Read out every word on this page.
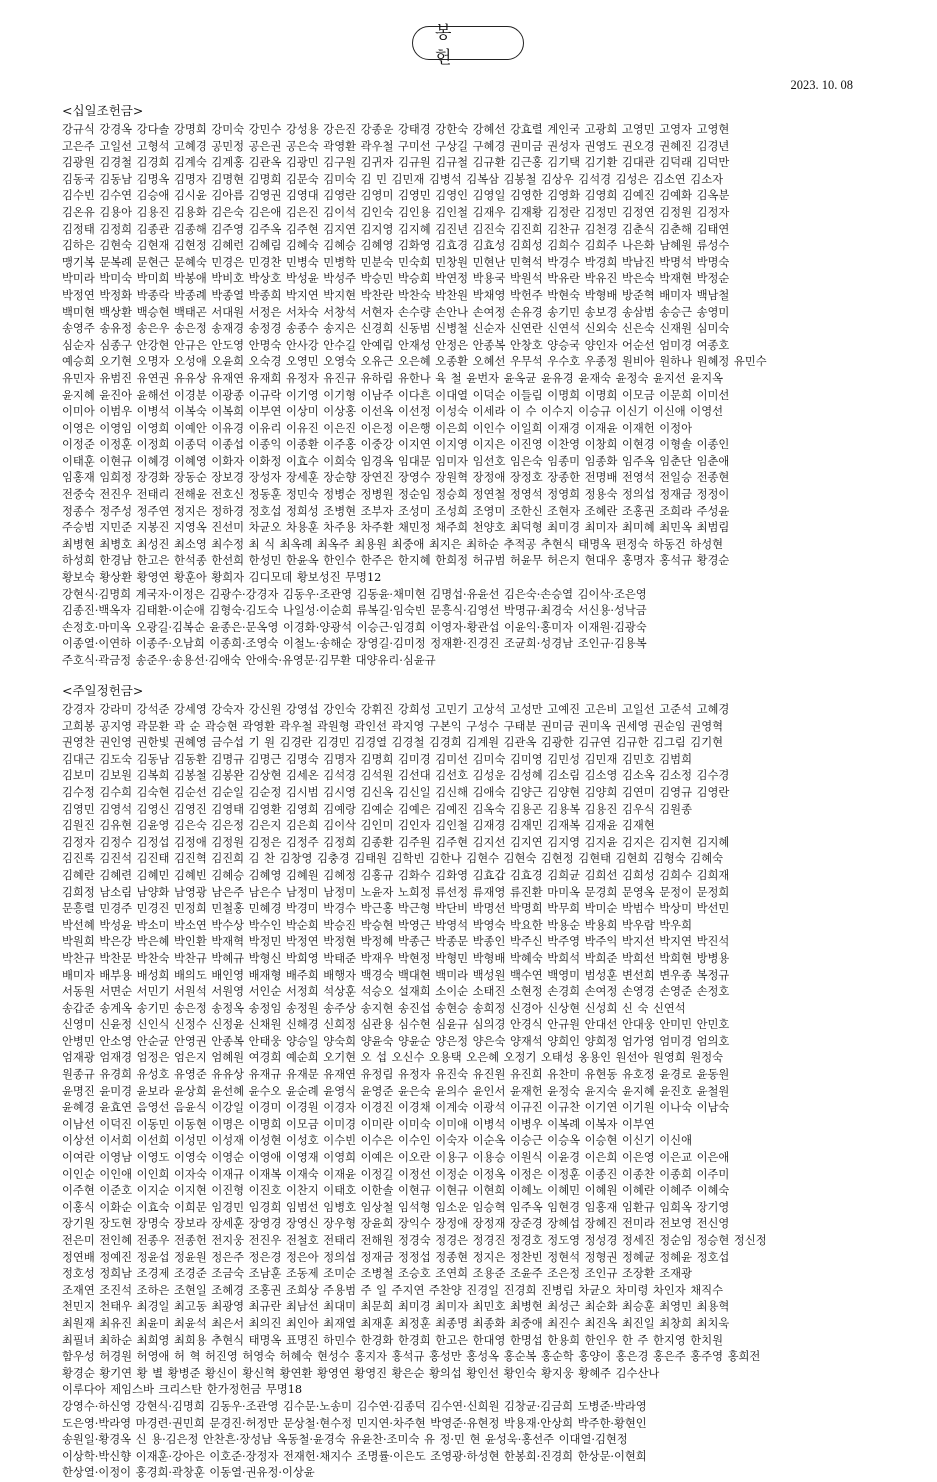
봉 헌
2023. 10. 08
<십일조헌금>

강규식 강경옥 강다솔 강명희 강미숙 강민수 강성용 강은진 강종운 강태경 강한숙 강혜선 강효렬 계인국 고광희 고영민 고영자 고영현

고은주 고일선 고형석 고혜경 공민정 공은권 공은숙 곽영환 곽우철 구미선 구상길 구혜경 권미금 권성자 권영도 권오경 권혜진 김경년

김광원 김경철 김경희 김계숙 김계홍 김관옥 김광민 김구원 김귀자 김규원 김규철 김규환 김근홍 김기택 김기환 김대관 김덕래 김덕만

김동국 김동남 김명옥 김명자 김명현 김명희 김문숙 김미숙 김 민 김민재 김병석 김복삼 김봉철 김상우 김석경 김성은 김소연 김소자

김수빈 김수연 김승애 김시윤 김아름 김영권 김영대 김영란 김영미 김영민 김영인 김영일 김영한 김영화 김영희 김예진 김예화 김옥분

김온유 김용아 김용진 김용화 김은숙 김은애 김은진 김이석 김인숙 김인용 김인철 김재우 김재황 김정란 김정민 김정연 김정원 김정자

김정태 김정희 김종관 김종해 김주영 김주옥 김주현 김지연 김지영 김지혜 김진년 김진숙 김진희 김찬규 김천경 김춘식 김춘해 김태연

김하은 김현숙 김현재 김현정 김혜런 김혜림 김혜숙 김혜승 김혜영 김화영 김효경 김효성 김희성 김희수 김희주 나은화 남혜원 류성수

맹기복 문복례 문현근 문혜숙 민경은 민경찬 민병숙 민병학 민분숙 민숙희 민창원 민현난 민혁석 박경수 박경희 박남진 박명석 박명숙

박미라 박미숙 박미희 박봉애 박비호 박상호 박성윤 박성주 박승민 박승희 박연정 박용국 박원석 박유란 박유진 박은숙 박재현 박정순

박정연 박정화 박종락 박종례 박종열 박종희 박지연 박지현 박찬란 박찬숙 박찬원 박채영 박헌주 박현숙 박형배 방준혁 배미자 백남철

백미현 백상환 백승현 백태곤 서대원 서정은 서차숙 서창석 서현자 손수량 손안나 손여정 손유경 송기민 송보경 송삼범 송승근 송영미

송영주 송유정 송은우 송은정 송재경 송정경 송종수 송지은 신경희 신동범 신병철 신순자 신연란 신연석 신외숙 신은숙 신재원 심미숙

심순자 심종구 안강현 안규은 안도영 안명숙 안사강 안수길 안예림 안재성 안정은 안종복 안창호 양승국 양인자 어순선 엄미경 여종호

예승희 오기현 오명자 오성애 오윤희 오숙경 오영민 오영숙 오유근 오은혜 오종환 오혜선 우무석 우수호 우종정 원비아 원하나 원혜정 유민수

유민자 유범진 유연권 유유상 유재연 유재희 유정자 유진규 유하림 유한나 육 철 윤번자 윤옥균 윤유경 윤재숙 윤정숙 윤지선 윤지옥

윤지혜 윤진아 윤해선 이경분 이광종 이규락 이기영 이기형 이남주 이다흔 이대열 이덕순 이들림 이명희 이명희 이모금 이문희 이미선

이미아 이범우 이병석 이복숙 이복희 이부연 이상미 이상홍 이선옥 이선정 이성숙 이세라 이 수 이수지 이승규 이신기 이신애 이영선

이영은 이영임 이영희 이예안 이유경 이유리 이유진 이은진 이은정 이은행 이은희 이인수 이일희 이재경 이재윤 이재헌 이정아

이정준 이정훈 이정희 이종덕 이종섭 이종익 이종환 이주홍 이중강 이지연 이지영 이지은 이진영 이찬영 이창희 이현경 이형솔 이종인

이태훈 이현규 이혜경 이혜영 이화자 이화정 이효수 이희숙 임경옥 임대문 임미자 임선호 임은숙 임종미 임종화 임주옥 임춘단 임춘애

임홍재 임희정 장경화 장동순 장보경 장성자 장세훈 장순향 장연진 장영수 장원혁 장정애 장정호 장종한 전명배 전영석 전일승 전종현

전중숙 전진우 전태리 전해윤 전호신 정동훈 정민숙 정병순 정병원 정순임 정승희 정연철 정영석 정영희 정용숙 정의섭 정재금 정정이

정종수 정주성 정주연 정지은 정하경 정호섭 정희성 조병현 조부자 조성미 조성희 조영미 조한신 조현자 조혜란 조홍권 조희라 주성윤

주승범 지민준 지봉진 지영옥 진선미 차균오 차용훈 차주용 차주환 채민정 채주희 천양호 최덕형 최미경 최미자 최미혜 최민옥 최범림

최병현 최병호 최성진 최소영 최수정 최 식 최옥례 최옥주 최용원 최중애 최지은 최하순 추적공 추현식 태명옥 편정숙 하동건 하성현

하성희 한경남 한고은 한석종 한선희 한성민 한윤옥 한인수 한주은 한지혜 한희정 허규범 허윤무 허은지 현대우 홍명자 홍석규 황경순

황보숙 황상환 황영연 황훈아 황희자 김디모데 황보성진 무명12

강현식·김명희 계국자·이정은 김광수·강경자 김동우·조관영 김동윤·채미현 김명섭·유윤선 김은숙·손승열 김이삭·조은영

김종진·백옥자 김태환·이순애 김형숙·김도숙 나일성·이순희 류복길·임숙빈 문흥식·김영선 박명규·최경숙 서신용·성낙금

손정호·마미옥 오광길·김복순 윤종은·문옥영 이경화·양광석 이승근·임경희 이영자·황관섭 이윤익·홍미자 이재원·김광숙

이종열·이연하 이종주·오남희 이종희·조영숙 이철노·송해순 장영길·김미정 정재환·진경진 조균희·성경남 조인규·김용복

주호식·곽금정 송준우·송용선·김애숙 안애숙·유영문·김무환 대양유리·심윤규

<주일정헌금>

강경자 강라미 강석준 강세영 강숙자 강신원 강영섭 강인숙 강휘진 강희성 고민기 고상석 고성만 고예진 고은비 고일선 고준석 고혜경

고희봉 공지영 곽문환 곽 순 곽승현 곽영환 곽우철 곽원형 곽인선 곽지영 구본익 구성수 구태분 권미금 권미옥 권세영 권순임 권영혁

권영찬 권인영 권한빛 권혜영 금수섭 기 원 김경란 김경민 김경열 김경철 김경희 김계원 김관옥 김광한 김규연 김규한 김그림 김기현

김대근 김도숙 김동남 김동환 김명규 김명근 김명숙 김명자 김명희 김미경 김미선 김미숙 김미영 김민성 김민재 김민호 김범희

김보미 김보원 김복희 김봉철 김봉완 김상현 김세온 김석경 김석원 김선대 김선호 김성운 김성혜 김소림 김소영 김소옥 김소정 김수경

김수정 김수희 김숙현 김순선 김순일 김순정 김시범 김시영 김신옥 김신일 김신해 김애숙 김양근 김양현 김양희 김연미 김영규 김영란

김영민 김영석 김영신 김영진 김영태 김영환 김영희 김예랑 김예순 김예은 김예진 김옥숙 김용곤 김용복 김용진 김우식 김원종

김원진 김유현 김윤영 김은숙 김은정 김은지 김은희 김이삭 김인미 김인자 김인철 김재경 김재민 김재복 김재윤 김재현

김정자 김정수 김정섭 김정애 김정원 김정은 김정주 김정희 김종환 김주원 김주현 김지선 김지연 김지영 김지윤 김지은 김지현 김지혜

김진록 김진석 김진태 김진혁 김진희 김 찬 김창영 김충경 김태원 김학빈 김한나 김현수 김현숙 김현정 김현태 김현희 김형숙 김혜숙

김혜란 김혜련 김혜민 김혜빈 김혜승 김혜영 김혜원 김혜정 김홍규 김화수 김화영 김효갑 김효경 김희균 김희선 김희성 김희수 김희재

김희정 남소림 남양화 남영광 남은주 남은수 남정미 남정미 노윤자 노희정 류선정 류재영 류진환 마미옥 문경희 문영옥 문정이 문정희

문흥렬 민경주 민경진 민정희 민철홍 민혜경 박경미 박경수 박근홍 박근형 박단비 박명선 박명희 박무희 박미순 박범수 박상미 박선민

박선혜 박성윤 박소미 박소연 박수상 박수인 박순희 박승진 박승현 박영근 박영석 박영숙 박요한 박용순 박용희 박우람 박우희

박원희 박은강 박은혜 박인환 박재혁 박정민 박정연 박정현 박정혜 박종근 박종문 박종인 박주신 박주영 박주익 박지선 박지연 박진석

박찬규 박찬문 박찬숙 박찬규 박혜규 박형신 박희영 박태준 박재우 박현정 박형민 박형배 박혜숙 박희석 박희준 박희선 박희현 방병용

배미자 배부용 배성희 배의도 배인영 배재형 배주희 배행자 백경숙 백대현 백미라 백성원 백수연 백영미 범성훈 변선희 변우종 복정규

서동원 서면순 서민기 서원석 서원영 서인순 서정희 석상훈 석승오 설재희 소이순 소태진 소현정 손경희 손여정 손영경 손영준 손정호

송갑준 송계옥 송기민 송은정 송정옥 송정임 송정원 송주상 송지현 송진섭 송현승 송희정 신경아 신상현 신성희 신 숙 신연석

신영미 신윤정 신인식 신정수 신정윤 신채원 신해경 신희정 심관용 심수현 심윤규 심의경 안경식 안규원 안대선 안대웅 안미민 안민호

안병민 안소영 안순균 안영권 안종복 안태웅 양승일 양숙희 양윤숙 양윤순 양은정 양은숙 양재석 양희인 양희정 엄가영 엄미경 엄의호

엄재광 엄재경 엄정은 엄은지 엄혜원 여경희 예순희 오기현 오 섭 오신수 오용택 오은혜 오정기 오태성 옹용인 원선아 원영희 원정숙

원종규 유경희 유성호 유영준 유유상 유재규 유재문 유재연 유정림 유정자 유진숙 유진원 유진희 유찬미 유현동 유호정 윤경로 윤동원

윤명진 윤미경 윤보라 윤상희 윤선혜 윤수오 윤순례 윤영식 윤영준 윤은숙 윤의수 윤인서 윤재헌 윤정숙 윤지숙 윤지혜 윤진호 윤철원

윤혜경 윤효연 음영선 음윤식 이강일 이경미 이경원 이경자 이경진 이경채 이계숙 이광석 이규진 이규찬 이기연 이기원 이나숙 이남숙

이남선 이덕진 이동민 이동현 이명은 이명희 이모금 이미경 이미란 이미숙 이미애 이병석 이병우 이복례 이복자 이부연

이상선 이서희 이선희 이성민 이성재 이성현 이성호 이수빈 이수은 이수인 이숙자 이순옥 이승근 이승옥 이승현 이신기 이신애

이여란 이영남 이영도 이영숙 이영순 이영애 이영재 이영희 이예은 이오란 이용구 이용승 이원식 이윤경 이은희 이은영 이은교 이은애

이인순 이인애 이인희 이자숙 이재규 이재복 이재숙 이재윤 이정길 이정선 이정순 이정옥 이정은 이정훈 이종진 이종찬 이종희 이주미

이주현 이준호 이지순 이지현 이진형 이진호 이찬지 이태호 이한솔 이현규 이현규 이현희 이혜노 이혜민 이혜원 이혜란 이혜주 이혜숙

이홍식 이화순 이효숙 이희문 임경민 임경희 임범선 임병호 임상철 임석형 임소운 임승혁 임주옥 임현경 임홍재 임환규 임희옥 장기영

장기원 장도현 장명숙 장보라 장세훈 장영경 장영신 장우형 장윤희 장익수 장정애 장정재 장준경 장혜섭 장혜진 전미라 전보영 전신영

전은미 전인혜 전종우 전종헌 전지웅 전진우 전철호 전태리 전해원 정경숙 정경은 정경진 정경호 정도영 정성경 정세진 정순임 정승현 정신정

정연배 정예진 정윤섭 정윤원 정은주 정은경 정은아 정의섭 정재금 정정섭 정종현 정지은 정찬빈 정현석 정형권 정혜균 정혜윤 정호섭

정호성 정희남 조경제 조경준 조금숙 조남훈 조동제 조미순 조병철 조승호 조연희 조용준 조윤주 조은정 조인규 조장환 조재광

조재연 조진석 조하은 조현일 조혜경 조홍권 조희상 주용범 주 일 주지연 주찬양 진경일 진경희 진병림 차균오 차미령 차인자 채직수

천민지 천태우 최경일 최고동 최광영 최규란 최남선 최대미 최문희 최미경 최미자 최민호 최병현 최성근 최순화 최승훈 최영민 최용혁

최원재 최유진 최윤미 최윤석 최은서 최의진 최인아 최재열 최재훈 최정훈 최종명 최종화 최중애 최진수 최진옥 최진일 최창희 최치욱

최필녀 최하순 최희영 최희용 추현식 태명옥 표명진 하민수 한경화 한경희 한고은 한대영 한명섭 한용희 한인우 한 주 한지영 한치원

함우성 허경원 허영애 허 혁 허진영 허영숙 허혜숙 현성수 홍지자 홍석규 홍성만 홍성옥 홍순복 홍순학 홍양이 홍은경 홍은주 홍주영 홍희전

황경순 황기연 황 별 황병준 황신이 황신혁 황연환 황영연 황영진 황은순 황의섭 황인선 황인숙 황지웅 황혜주 김수산나

이루다아 제임스바 크리스탄 한가정헌금 무명18

강영수·하신영 강현식·김명희 김동우·조관영 김수문·노송미 김수연·김종덕 김수연·신희원 김창균·김금희 도병준·박라영

도은영·박라영 마경련·권민희 문경진·허정만 문상철·현수정 민지연·차주현 박영준·유현정 박용재·안상희 박주한·황현인

송원일·황경옥 신 용·김은정 안찬흔·장성남 옥동철·윤경숙 유윤찬·조미숙 유 정·민 현 윤성욱·홍선주 이대열·김현정

이상학·박신향 이재훈·강아은 이호준·장정자 전재헌·채지수 조명률·이은도 조영광·하성현 한봉희·진경희 한상문·이현희

한상열·이정이 홍경희·곽창훈 이동열·권유정·이상윤
